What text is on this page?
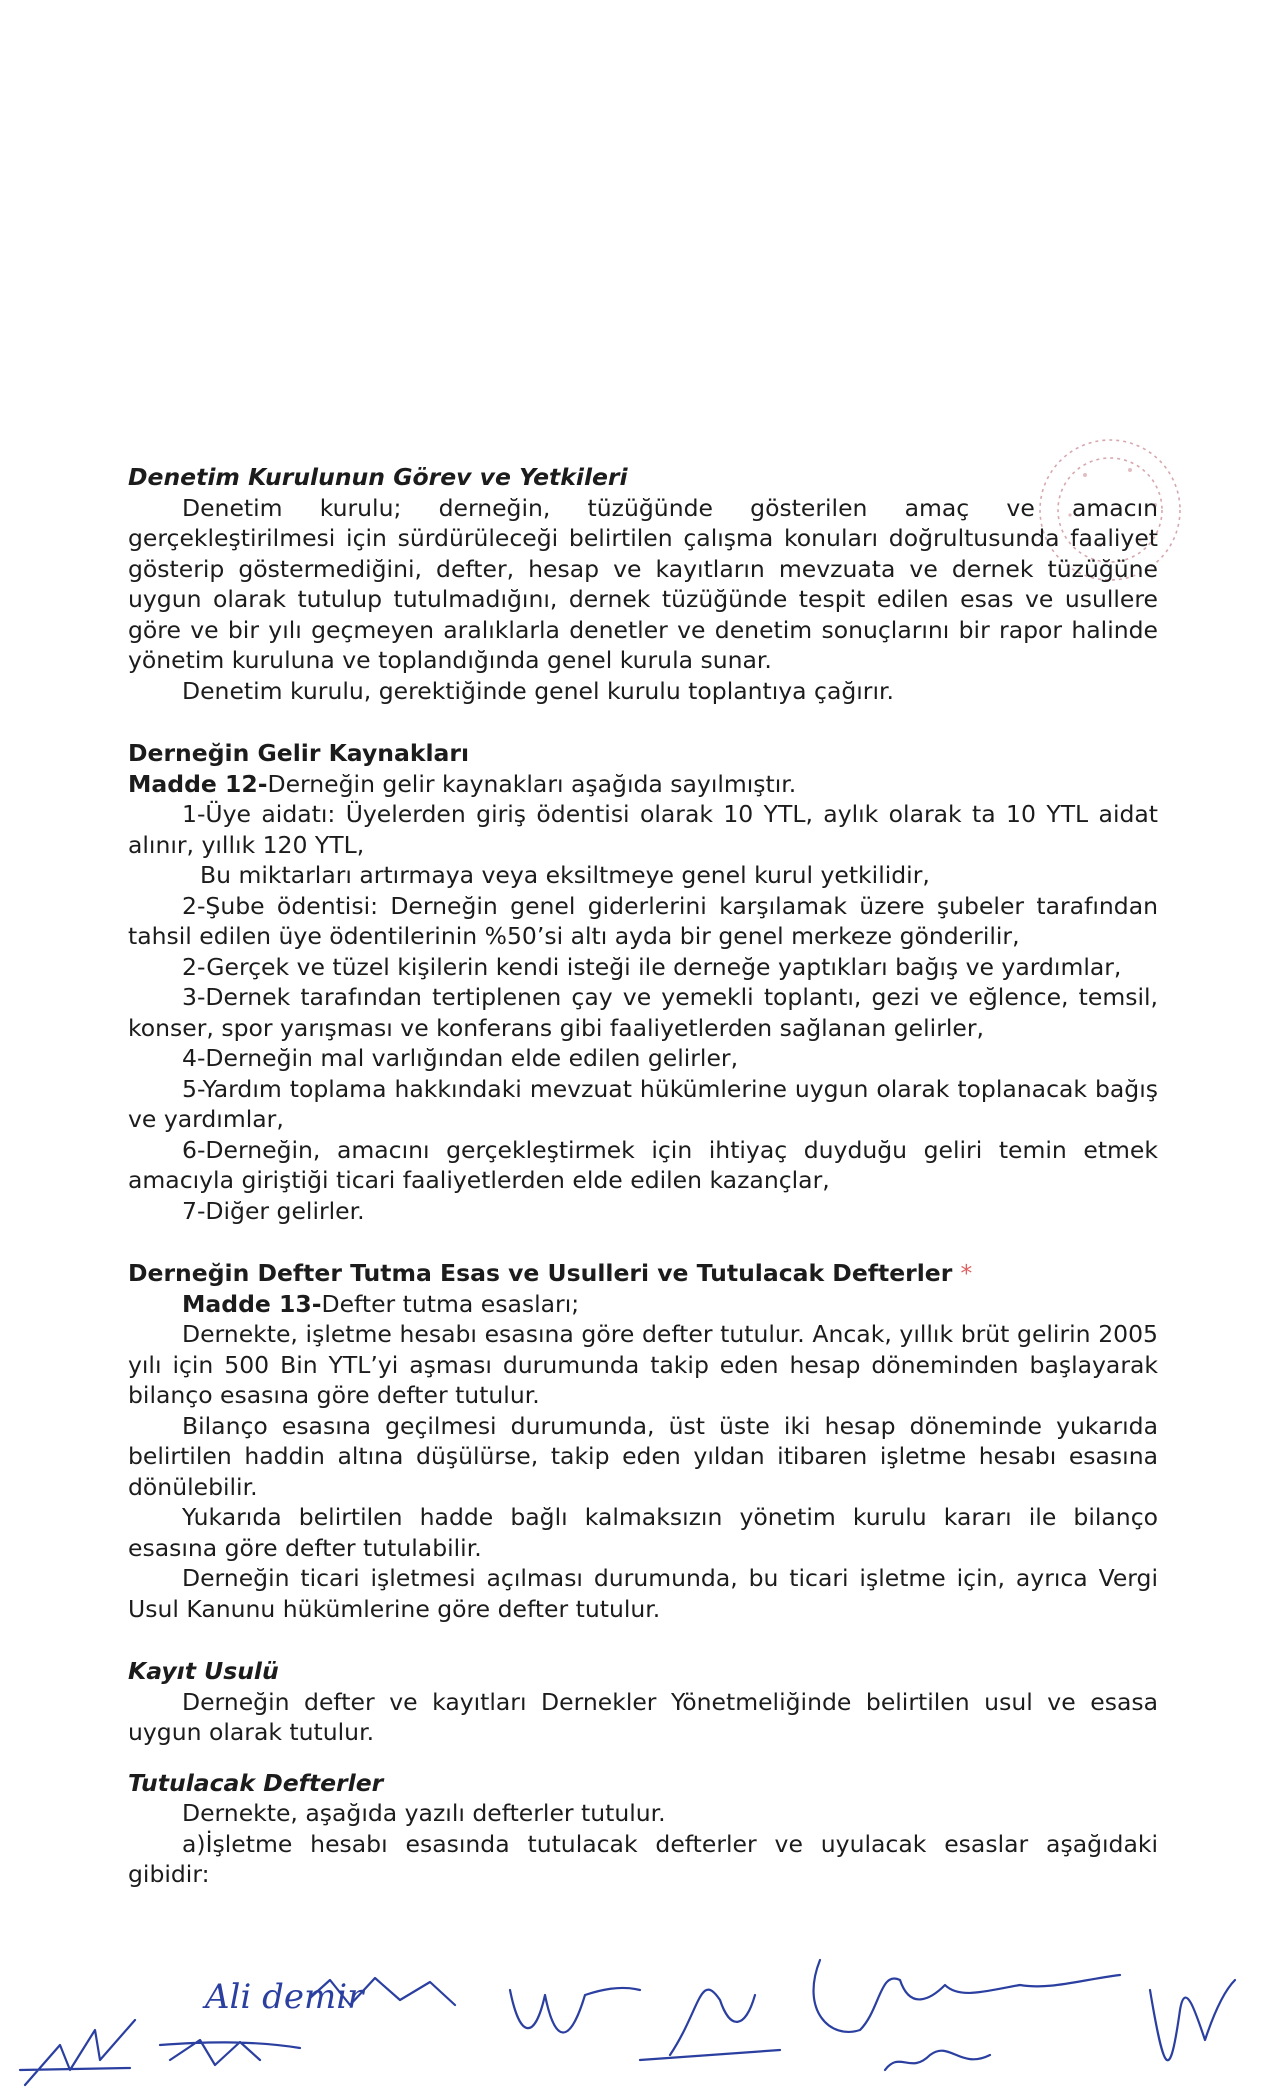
Denetim Kurulunun Görev ve Yetkileri

Denetim kurulu; derneğin, tüzüğünde gösterilen amaç ve amacın gerçekleştirilmesi için sürdürüleceği belirtilen çalışma konuları doğrultusunda faaliyet gösterip göstermediğini, defter, hesap ve kayıtların mevzuata ve dernek tüzüğüne uygun olarak tutulup tutulmadığını, dernek tüzüğünde tespit edilen esas ve usullere göre ve bir yılı geçmeyen aralıklarla denetler ve denetim sonuçlarını bir rapor halinde yönetim kuruluna ve toplandığında genel kurula sunar.

Denetim kurulu, gerektiğinde genel kurulu toplantıya çağırır.

Derneğin Gelir Kaynakları

Madde 12-Derneğin gelir kaynakları aşağıda sayılmıştır.

1-Üye aidatı: Üyelerden giriş ödentisi olarak 10 YTL, aylık olarak ta 10 YTL aidat alınır, yıllık 120 YTL,

Bu miktarları artırmaya veya eksiltmeye genel kurul yetkilidir,

2-Şube ödentisi: Derneğin genel giderlerini karşılamak üzere şubeler tarafından tahsil edilen üye ödentilerinin %50’si altı ayda bir genel merkeze gönderilir,

2-Gerçek ve tüzel kişilerin kendi isteği ile derneğe yaptıkları bağış ve yardımlar,

3-Dernek tarafından tertiplenen çay ve yemekli toplantı, gezi ve eğlence, temsil, konser, spor yarışması ve konferans gibi faaliyetlerden sağlanan gelirler,

4-Derneğin mal varlığından elde edilen gelirler,

5-Yardım toplama hakkındaki mevzuat hükümlerine uygun olarak toplanacak bağış ve yardımlar,

6-Derneğin, amacını gerçekleştirmek için ihtiyaç duyduğu geliri temin etmek amacıyla giriştiği ticari faaliyetlerden elde edilen kazançlar,

7-Diğer gelirler.

Derneğin Defter Tutma Esas ve Usulleri ve Tutulacak Defterler *

Madde 13-Defter tutma esasları;

Dernekte, işletme hesabı esasına göre defter tutulur. Ancak, yıllık brüt gelirin 2005 yılı için 500 Bin YTL’yi aşması durumunda takip eden hesap döneminden başlayarak bilanço esasına göre defter tutulur.

Bilanço esasına geçilmesi durumunda, üst üste iki hesap döneminde yukarıda belirtilen haddin altına düşülürse, takip eden yıldan itibaren işletme hesabı esasına dönülebilir.

Yukarıda belirtilen hadde bağlı kalmaksızın yönetim kurulu kararı ile bilanço esasına göre defter tutulabilir.

Derneğin ticari işletmesi açılması durumunda, bu ticari işletme için, ayrıca Vergi Usul Kanunu hükümlerine göre defter tutulur.

Kayıt Usulü

Derneğin defter ve kayıtları Dernekler Yönetmeliğinde belirtilen usul ve esasa uygun olarak tutulur.

Tutulacak Defterler

Dernekte, aşağıda yazılı defterler tutulur.

a)İşletme hesabı esasında tutulacak defterler ve uyulacak esaslar aşağıdaki gibidir:

Ali demir
